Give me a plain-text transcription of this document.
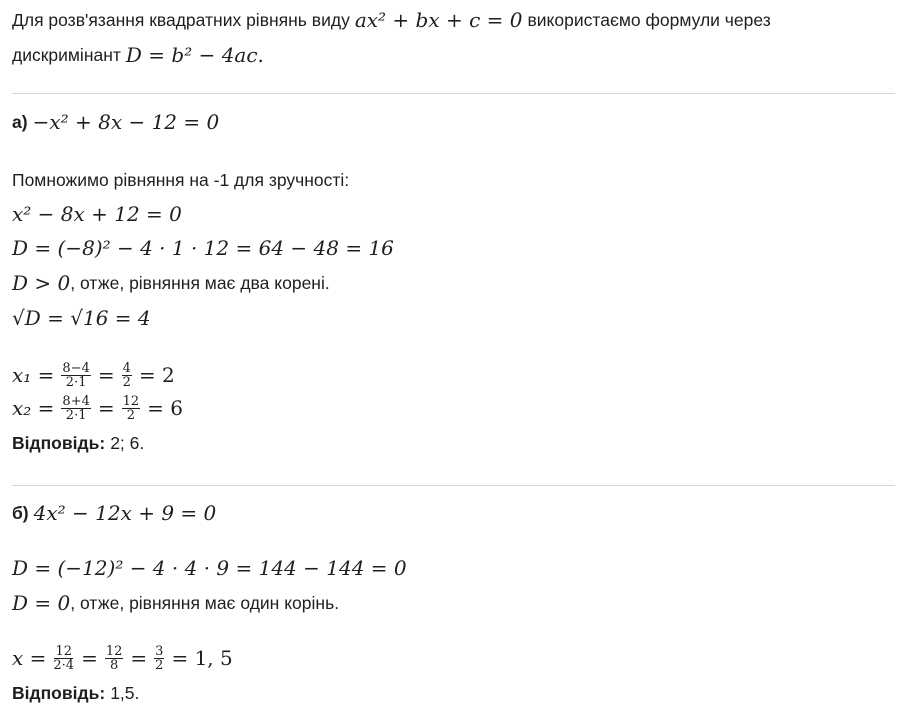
Для розв'язання квадратних рівнянь виду ax² + bx + c = 0 використаємо формули через
дискримінант D = b² − 4ac.
а) −x² + 8x − 12 = 0
Помножимо рівняння на -1 для зручності:
x² − 8x + 12 = 0
D = (−8)² − 4 · 1 · 12 = 64 − 48 = 16
D > 0 , отже, рівняння має два корені.
√D = √16 = 4
$x_1 = \frac{8-4}{2\cdot 1} = \frac{4}{2} = 2$
$x_2 = \frac{8+4}{2\cdot 1} = \frac{12}{2} = 6$
Відповідь: 2; 6.
б) 4x² − 12x + 9 = 0
D = (−12)² − 4 · 4 · 9 = 144 − 144 = 0
D = 0 , отже, рівняння має один корінь.
$x = \frac{12}{2\cdot 4} = \frac{12}{8} = \frac{3}{2} = 1$, 5
Відповідь: 1,5.
